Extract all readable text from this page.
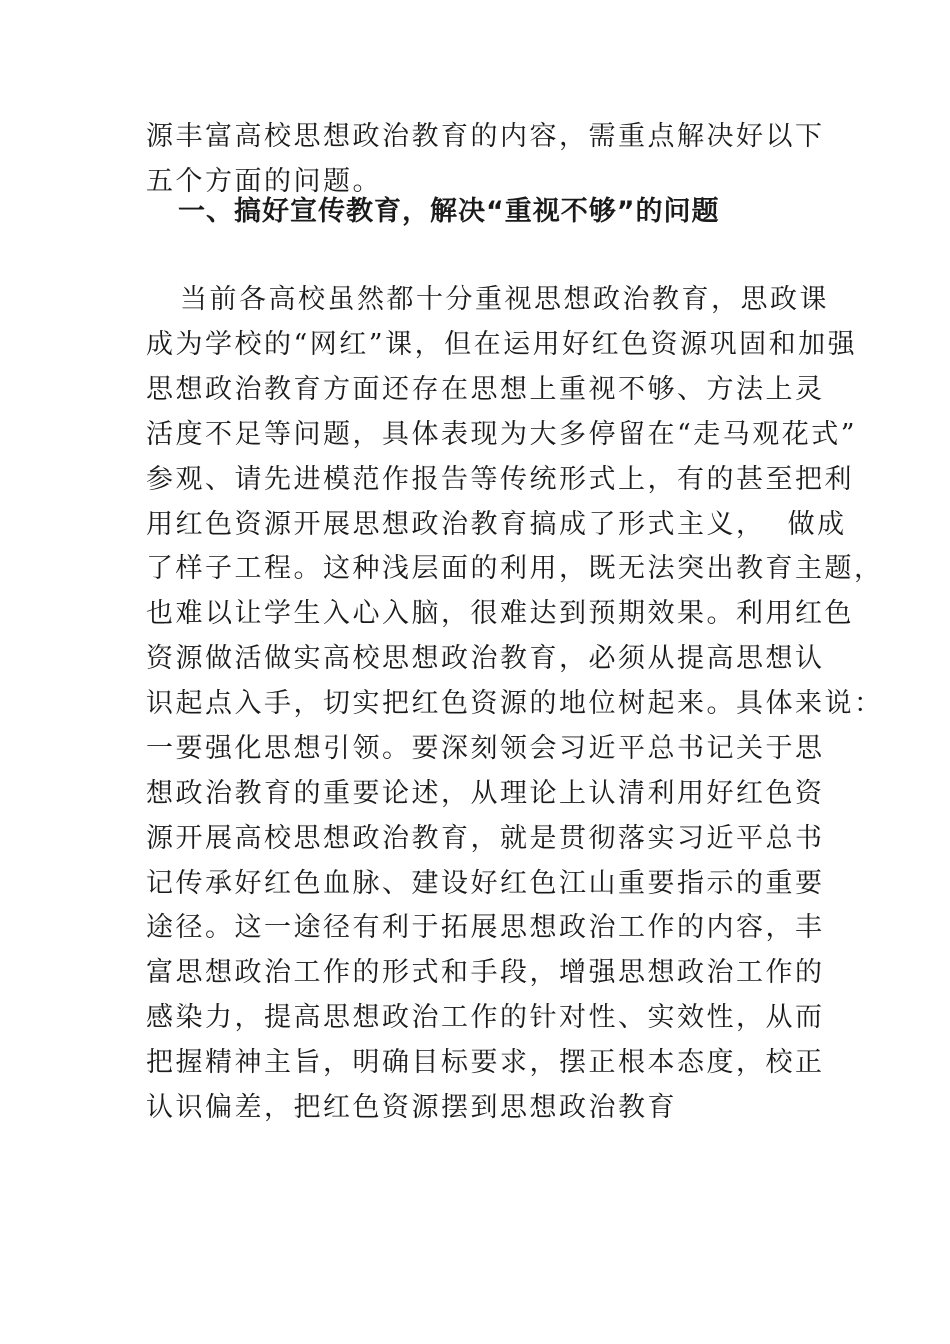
源丰富高校思想政治教育的内容，需重点解决好以下
五个方面的问题。
一、搞好宣传教育，解决“重视不够”的问题
当前各高校虽然都十分重视思想政治教育，思政课
成为学校的“网红”课，但在运用好红色资源巩固和加强
思想政治教育方面还存在思想上重视不够、方法上灵
活度不足等问题，具体表现为大多停留在“走马观花式”
参观、请先进模范作报告等传统形式上，有的甚至把利
用红色资源开展思想政治教育搞成了形式主义，  做成
了样子工程。这种浅层面的利用，既无法突出教育主题，
也难以让学生入心入脑，很难达到预期效果。利用红色
资源做活做实高校思想政治教育，必须从提高思想认
识起点入手，切实把红色资源的地位树起来。具体来说：
一要强化思想引领。要深刻领会习近平总书记关于思
想政治教育的重要论述，从理论上认清利用好红色资
源开展高校思想政治教育，就是贯彻落实习近平总书
记传承好红色血脉、建设好红色江山重要指示的重要
途径。这一途径有利于拓展思想政治工作的内容，丰
富思想政治工作的形式和手段，增强思想政治工作的
感染力，提高思想政治工作的针对性、实效性，从而
把握精神主旨，明确目标要求，摆正根本态度，校正
认识偏差，把红色资源摆到思想政治教育
